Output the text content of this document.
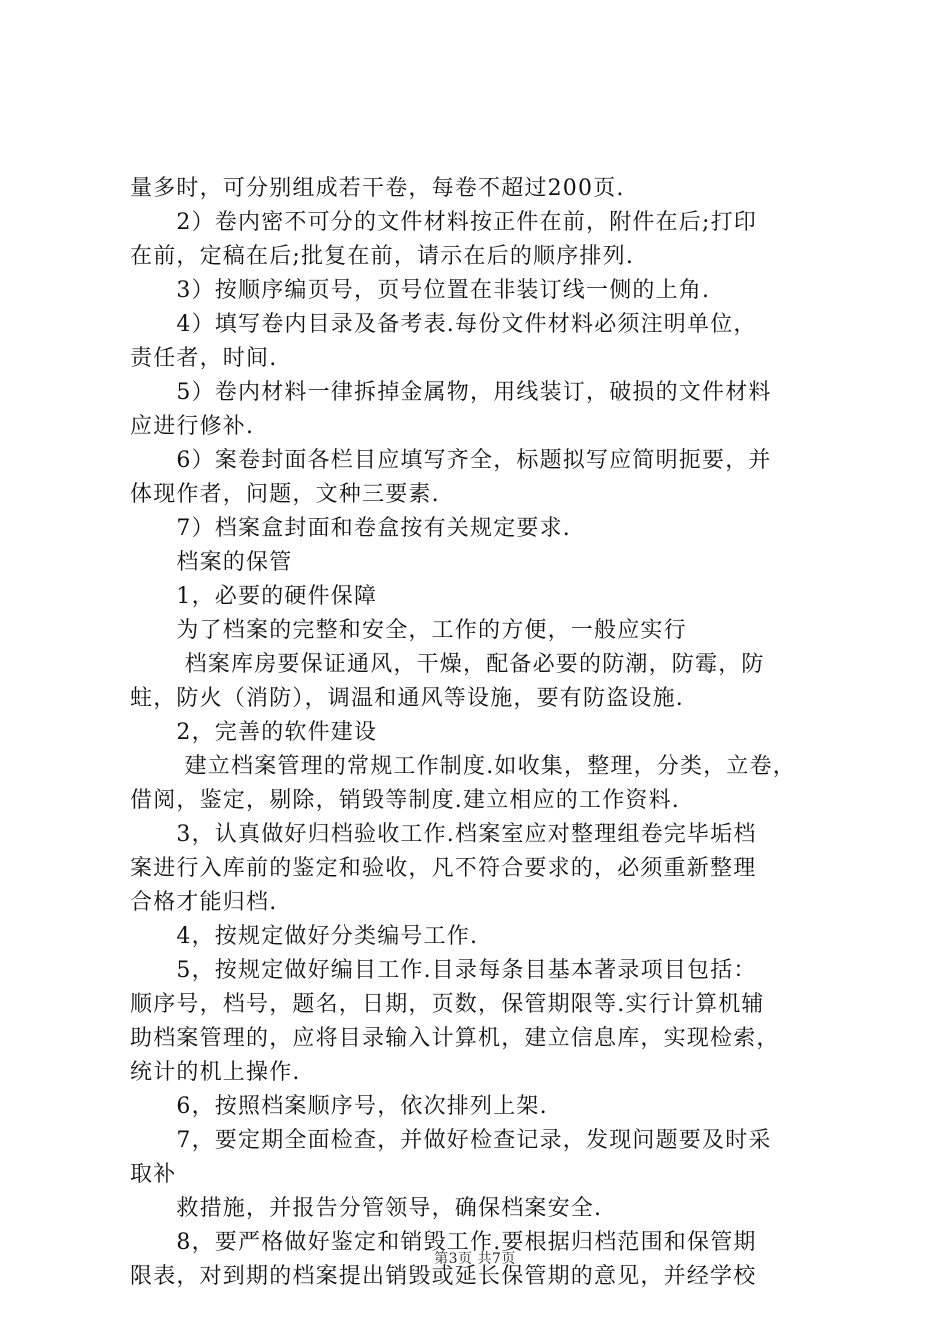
量多时，可分别组成若干卷，每卷不超过200页.
　　2）卷内密不可分的文件材料按正件在前，附件在后;打印
在前，定稿在后;批复在前，请示在后的顺序排列.
　　3）按顺序编页号，页号位置在非装订线一侧的上角.
　　4）填写卷内目录及备考表.每份文件材料必须注明单位，
责任者，时间.
　　5）卷内材料一律拆掉金属物，用线装订，破损的文件材料
应进行修补.
　　6）案卷封面各栏目应填写齐全，标题拟写应简明扼要，并
体现作者，问题，文种三要素.
　　7）档案盒封面和卷盒按有关规定要求.
　　档案的保管
　　1，必要的硬件保障
　　为了档案的完整和安全，工作的方便，一般应实行
　　 档案库房要保证通风，干燥，配备必要的防潮，防霉，防
蛀，防火（消防），调温和通风等设施，要有防盗设施.
　　2，完善的软件建设
　　 建立档案管理的常规工作制度.如收集，整理，分类，立卷，
借阅，鉴定，剔除，销毁等制度.建立相应的工作资料.
　　3，认真做好归档验收工作.档案室应对整理组卷完毕垢档
案进行入库前的鉴定和验收，凡不符合要求的，必须重新整理
合格才能归档.
　　4，按规定做好分类编号工作.
　　5，按规定做好编目工作.目录每条目基本著录项目包括：
顺序号，档号，题名，日期，页数，保管期限等.实行计算机辅
助档案管理的，应将目录输入计算机，建立信息库，实现检索，
统计的机上操作.
　　6，按照档案顺序号，依次排列上架.
　　7，要定期全面检查，并做好检查记录，发现问题要及时采
取补
　　救措施，并报告分管领导，确保档案安全.
　　8，要严格做好鉴定和销毁工作.要根据归档范围和保管期
限表，对到期的档案提出销毁或延长保管期的意见，并经学校
第3页 共7页
